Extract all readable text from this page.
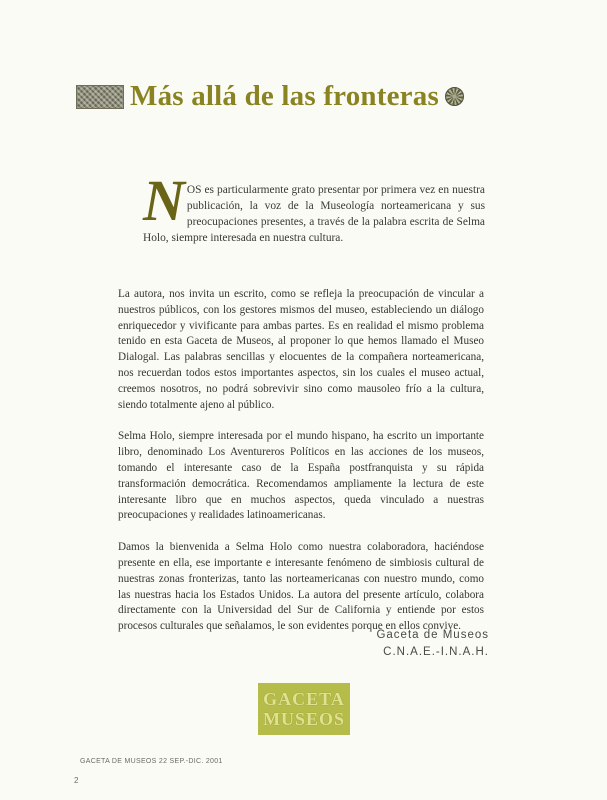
Más allá de las fronteras
N OS es particularmente grato presentar por primera vez en nuestra publicación, la voz de la Museología norteamericana y sus preocupaciones presentes, a través de la palabra escrita de Selma Holo, siempre interesada en nuestra cultura.

La autora, nos invita un escrito, como se refleja la preocupación de vincular a nuestros públicos, con los gestores mismos del museo, estableciendo un diálogo enriquecedor y vivificante para ambas partes. Es en realidad el mismo problema tenido en esta Gaceta de Museos, al proponer lo que hemos llamado el Museo Dialogal. Las palabras sencillas y elocuentes de la compañera norteamericana, nos recuerdan todos estos importantes aspectos, sin los cuales el museo actual, creemos nosotros, no podrá sobrevivir sino como mausoleo frío a la cultura, siendo totalmente ajeno al público.

Selma Holo, siempre interesada por el mundo hispano, ha escrito un importante libro, denominado Los Aventureros Políticos en las acciones de los museos, tomando el interesante caso de la España postfranquista y su rápida transformación democrática. Recomendamos ampliamente la lectura de este interesante libro que en muchos aspectos, queda vinculado a nuestras preocupaciones y realidades latinoamericanas.

Damos la bienvenida a Selma Holo como nuestra colaboradora, haciéndose presente en ella, ese importante e interesante fenómeno de simbiosis cultural de nuestras zonas fronterizas, tanto las norteamericanas con nuestro mundo, como las nuestras hacia los Estados Unidos. La autora del presente artículo, colabora directamente con la Universidad del Sur de California y entiende por estos procesos culturales que señalamos, le son evidentes porque en ellos convive.

Gaceta de Museos
C.N.A.E.-I.N.A.H.
GACETA
MUSEOS
GACETA DE MUSEOS 22 SEP.-DIC. 2001
2
